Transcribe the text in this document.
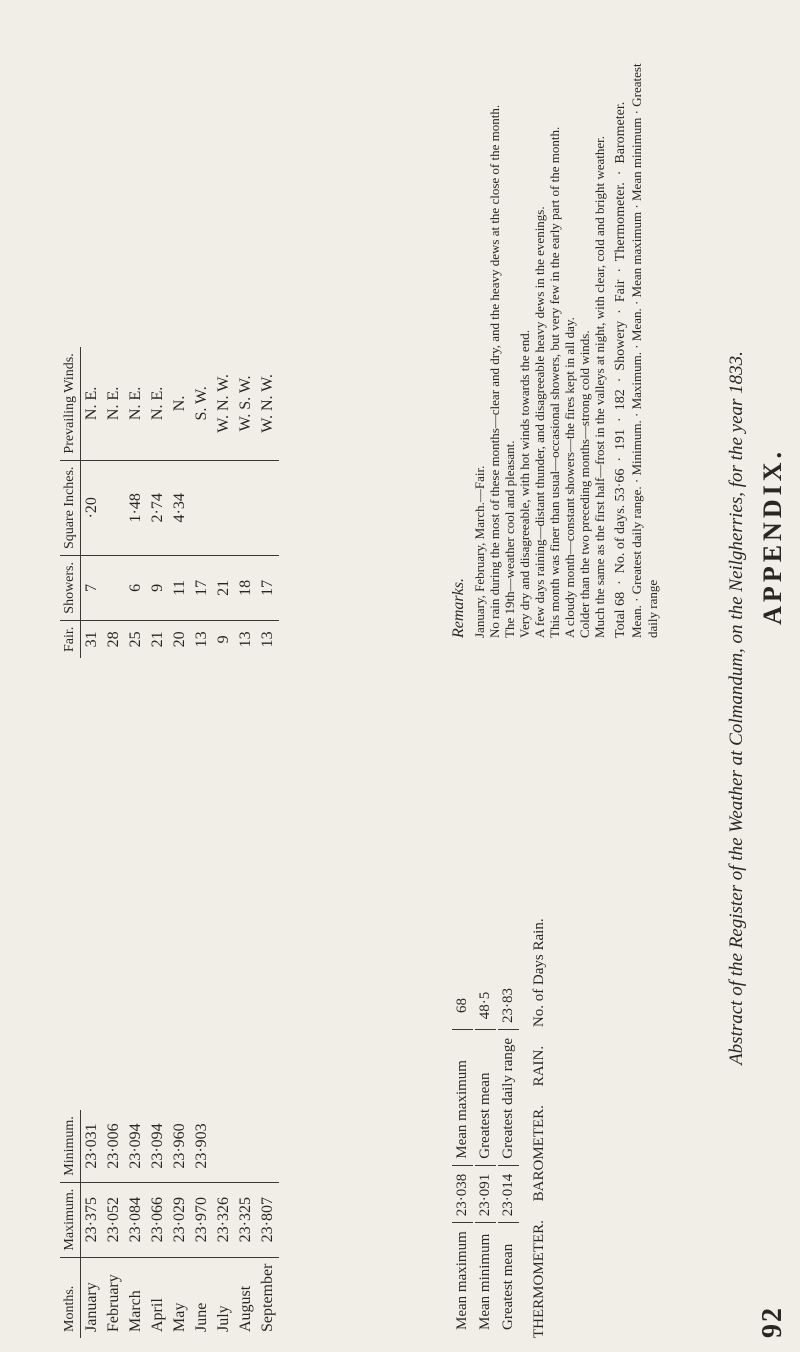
92
APPENDIX.
Abstract of the Register of the Weather at Colmandum, on the Neilgherries, for the year 1833.
Months.	Maximum.	Minimum.
January	23·375	23·031
February	23·052	23·006
March	23·084	23·094
April	23·066	23·094
May	23·029	23·960
June	23·970	23·903
July	23·326	
August	23·325	
September	23·807	
Fair.	Showers.	Square Inches.	Prevailing Winds.
31	7	·20	N. E.
28			N. E.
25	6	1·48	N. E.
21	9	2·74	N. E.
20	11	4·34	N.
13	17		S. W.
9	21		W. N. W.
13	18		W. S. W.
13	17		W. N. W.
Mean maximum	23·038	Mean maximum	68
Mean minimum	23·091	Greatest mean	48·5
Greatest mean	23·014	Greatest daily range	23·83
THERMOMETER.     BAROMETER.     RAIN.     No. of Days Rain.
Remarks. January, February, March.—Fair. No rain during the most of these months—clear and dry, and the heavy dews at the close of the month. The 19th—weather cool and pleasant. Very dry and disagreeable, with hot winds towards the end. A few days raining—distant thunder, and disagreeable heavy dews in the evenings. This month was finer than usual—occasional showers, but very few in the early part of the month. A cloudy month—constant showers—the fires kept in all day. Colder than the two preceding months—strong cold winds. Much the same as the first half—frost in the valleys at night, with clear, cold and bright weather. Total 68  ·  No. of days. 53·66  ·  191  ·  182  ·  Showery  ·  Fair  ·  Thermometer.  ·  Barometer.
Mean. · Greatest daily range. · Minimum. · Maximum. · Mean. · Mean maximum · Mean minimum · Greatest daily range
